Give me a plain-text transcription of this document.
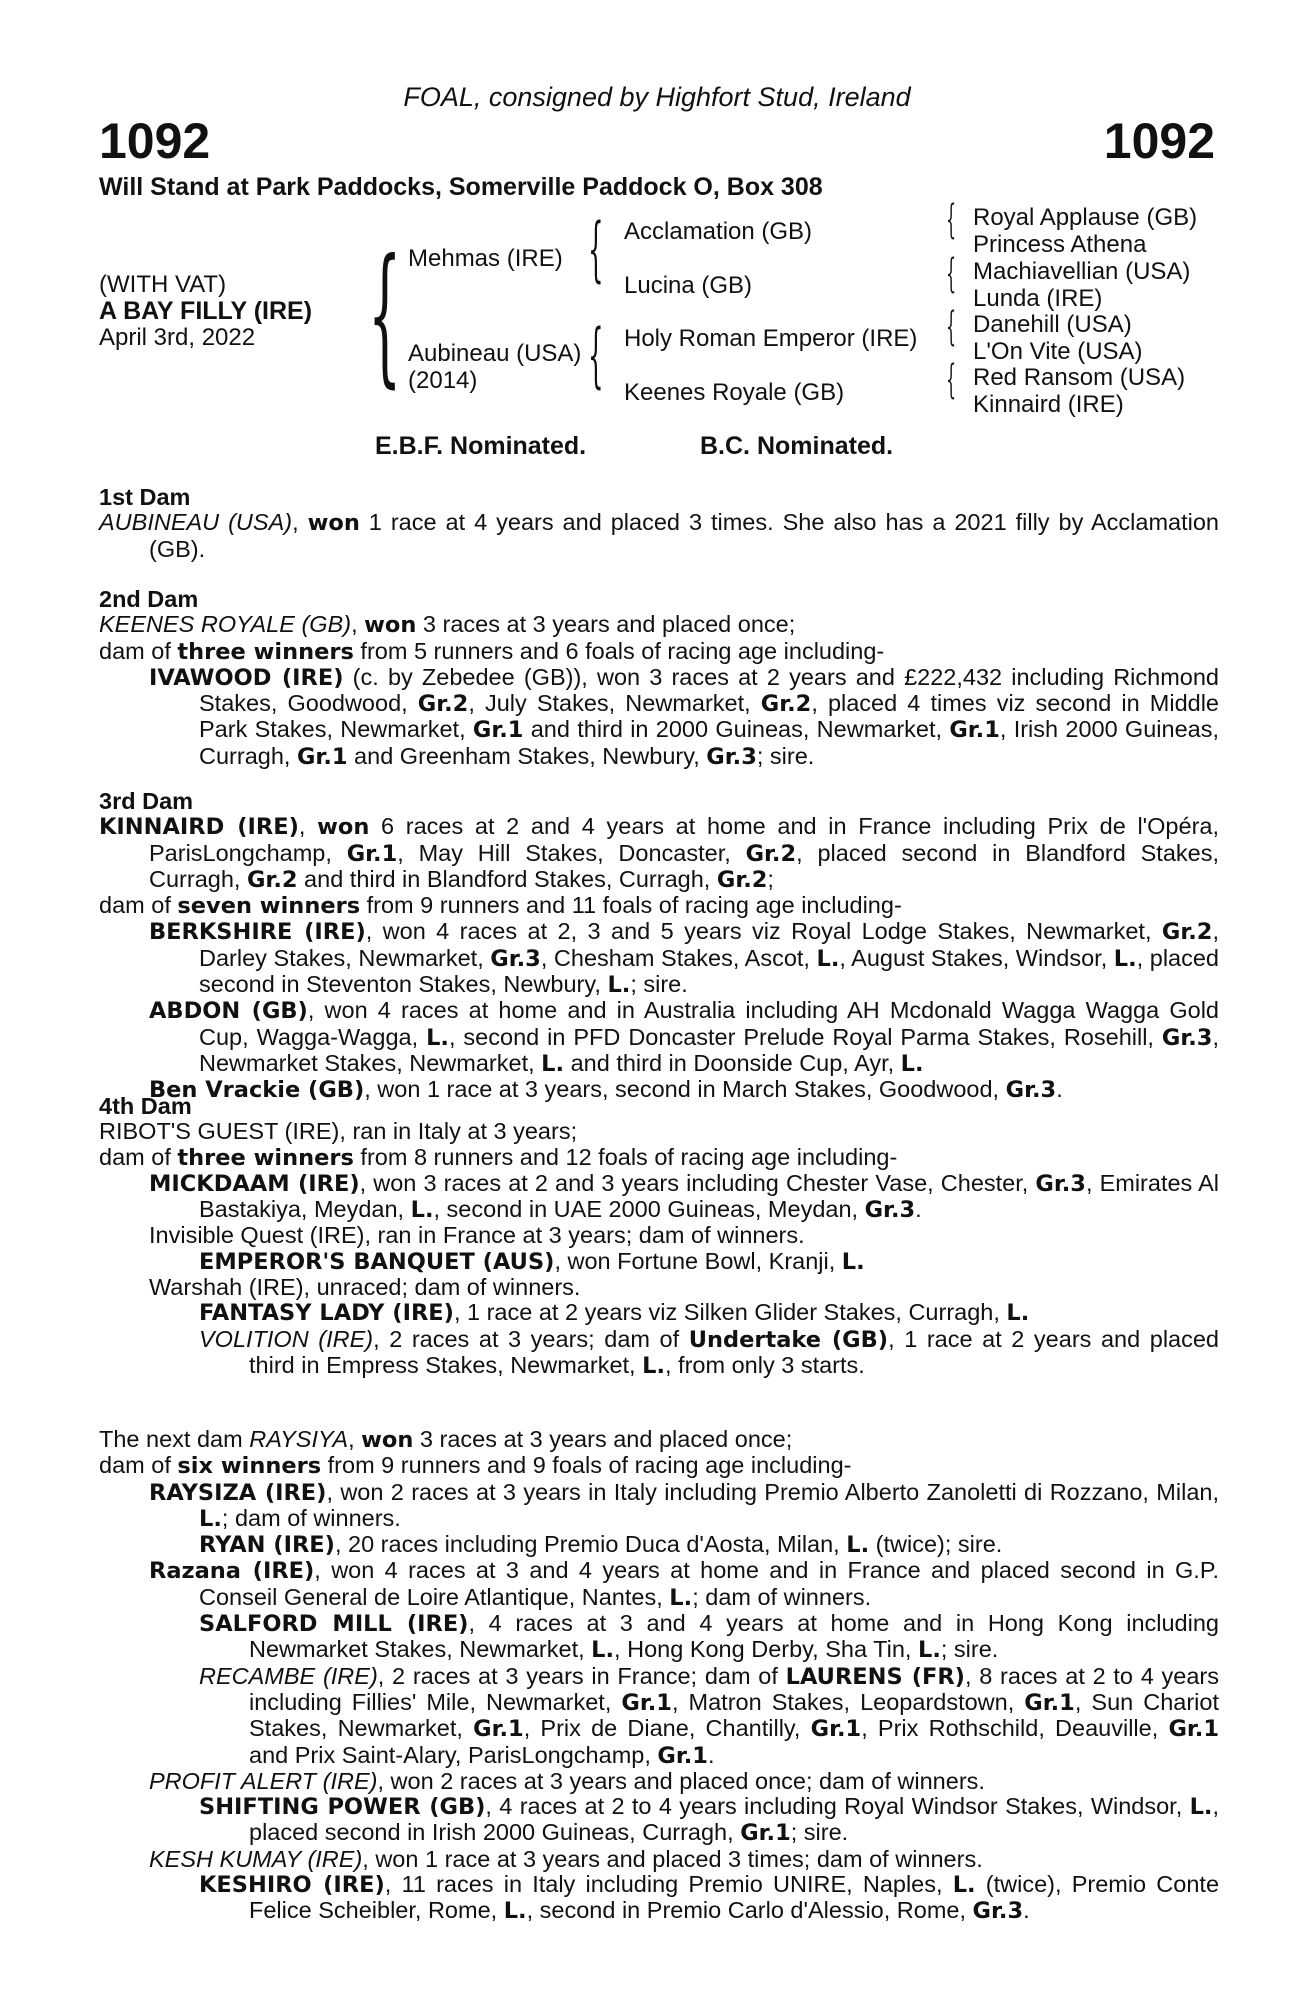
FOAL, consigned by Highfort Stud, Ireland
1092	1092
Will Stand at Park Paddocks, Somerville Paddock O, Box 308
(WITH VAT)
A BAY FILLY (IRE)
April 3rd, 2022 {	{
{
{
{
{
{
Mehmas (IRE)
Aubineau (USA)
(2014)
Acclamation (GB)
Lucina (GB)
Holy Roman Emperor (IRE)
Keenes Royale (GB)
Royal Applause (GB)
Princess Athena
Machiavellian (USA)
Lunda (IRE)
Danehill (USA)
L'On Vite (USA)
Red Ransom (USA)
Kinnaird (IRE)
E.B.F. Nominated.	B.C. Nominated.

1st Dam

AUBINEAU (USA), won 1 race at 4 years and placed 3 times. She also has a 2021 filly by Acclamation (GB).

2nd Dam

KEENES ROYALE (GB), won 3 races at 3 years and placed once;

dam of three winners from 5 runners and 6 foals of racing age including-

IVAWOOD (IRE) (c. by Zebedee (GB)), won 3 races at 2 years and £222,432 including Richmond Stakes, Goodwood, Gr.2, July Stakes, Newmarket, Gr.2, placed 4 times viz second in Middle Park Stakes, Newmarket, Gr.1 and third in 2000 Guineas, Newmarket, Gr.1, Irish 2000 Guineas, Curragh, Gr.1 and Greenham Stakes, Newbury, Gr.3; sire.

3rd Dam

KINNAIRD (IRE), won 6 races at 2 and 4 years at home and in France including Prix de l'Opéra, ParisLongchamp, Gr.1, May Hill Stakes, Doncaster, Gr.2, placed second in Blandford Stakes, Curragh, Gr.2 and third in Blandford Stakes, Curragh, Gr.2;

dam of seven winners from 9 runners and 11 foals of racing age including-

BERKSHIRE (IRE), won 4 races at 2, 3 and 5 years viz Royal Lodge Stakes, Newmarket, Gr.2, Darley Stakes, Newmarket, Gr.3, Chesham Stakes, Ascot, L., August Stakes, Windsor, L., placed second in Steventon Stakes, Newbury, L.; sire.

ABDON (GB), won 4 races at home and in Australia including AH Mcdonald Wagga Wagga Gold Cup, Wagga-Wagga, L., second in PFD Doncaster Prelude Royal Parma Stakes, Rosehill, Gr.3, Newmarket Stakes, Newmarket, L. and third in Doonside Cup, Ayr, L.

Ben Vrackie (GB), won 1 race at 3 years, second in March Stakes, Goodwood, Gr.3.

4th Dam

RIBOT'S GUEST (IRE), ran in Italy at 3 years;

dam of three winners from 8 runners and 12 foals of racing age including-

MICKDAAM (IRE), won 3 races at 2 and 3 years including Chester Vase, Chester, Gr.3, Emirates Al Bastakiya, Meydan, L., second in UAE 2000 Guineas, Meydan, Gr.3.

Invisible Quest (IRE), ran in France at 3 years; dam of winners.

EMPEROR'S BANQUET (AUS), won Fortune Bowl, Kranji, L.

Warshah (IRE), unraced; dam of winners.

FANTASY LADY (IRE), 1 race at 2 years viz Silken Glider Stakes, Curragh, L.

VOLITION (IRE), 2 races at 3 years; dam of Undertake (GB), 1 race at 2 years and placed third in Empress Stakes, Newmarket, L., from only 3 starts.

The next dam RAYSIYA, won 3 races at 3 years and placed once;

dam of six winners from 9 runners and 9 foals of racing age including-

RAYSIZA (IRE), won 2 races at 3 years in Italy including Premio Alberto Zanoletti di Rozzano, Milan, L.; dam of winners.

RYAN (IRE), 20 races including Premio Duca d'Aosta, Milan, L. (twice); sire.

Razana (IRE), won 4 races at 3 and 4 years at home and in France and placed second in G.P. Conseil General de Loire Atlantique, Nantes, L.; dam of winners.

SALFORD MILL (IRE), 4 races at 3 and 4 years at home and in Hong Kong including Newmarket Stakes, Newmarket, L., Hong Kong Derby, Sha Tin, L.; sire.

RECAMBE (IRE), 2 races at 3 years in France; dam of LAURENS (FR), 8 races at 2 to 4 years including Fillies' Mile, Newmarket, Gr.1, Matron Stakes, Leopardstown, Gr.1, Sun Chariot Stakes, Newmarket, Gr.1, Prix de Diane, Chantilly, Gr.1, Prix Rothschild, Deauville, Gr.1 and Prix Saint-Alary, ParisLongchamp, Gr.1.

PROFIT ALERT (IRE), won 2 races at 3 years and placed once; dam of winners.

SHIFTING POWER (GB), 4 races at 2 to 4 years including Royal Windsor Stakes, Windsor, L., placed second in Irish 2000 Guineas, Curragh, Gr.1; sire.

KESH KUMAY (IRE), won 1 race at 3 years and placed 3 times; dam of winners.

KESHIRO (IRE), 11 races in Italy including Premio UNIRE, Naples, L. (twice), Premio Conte Felice Scheibler, Rome, L., second in Premio Carlo d'Alessio, Rome, Gr.3.
